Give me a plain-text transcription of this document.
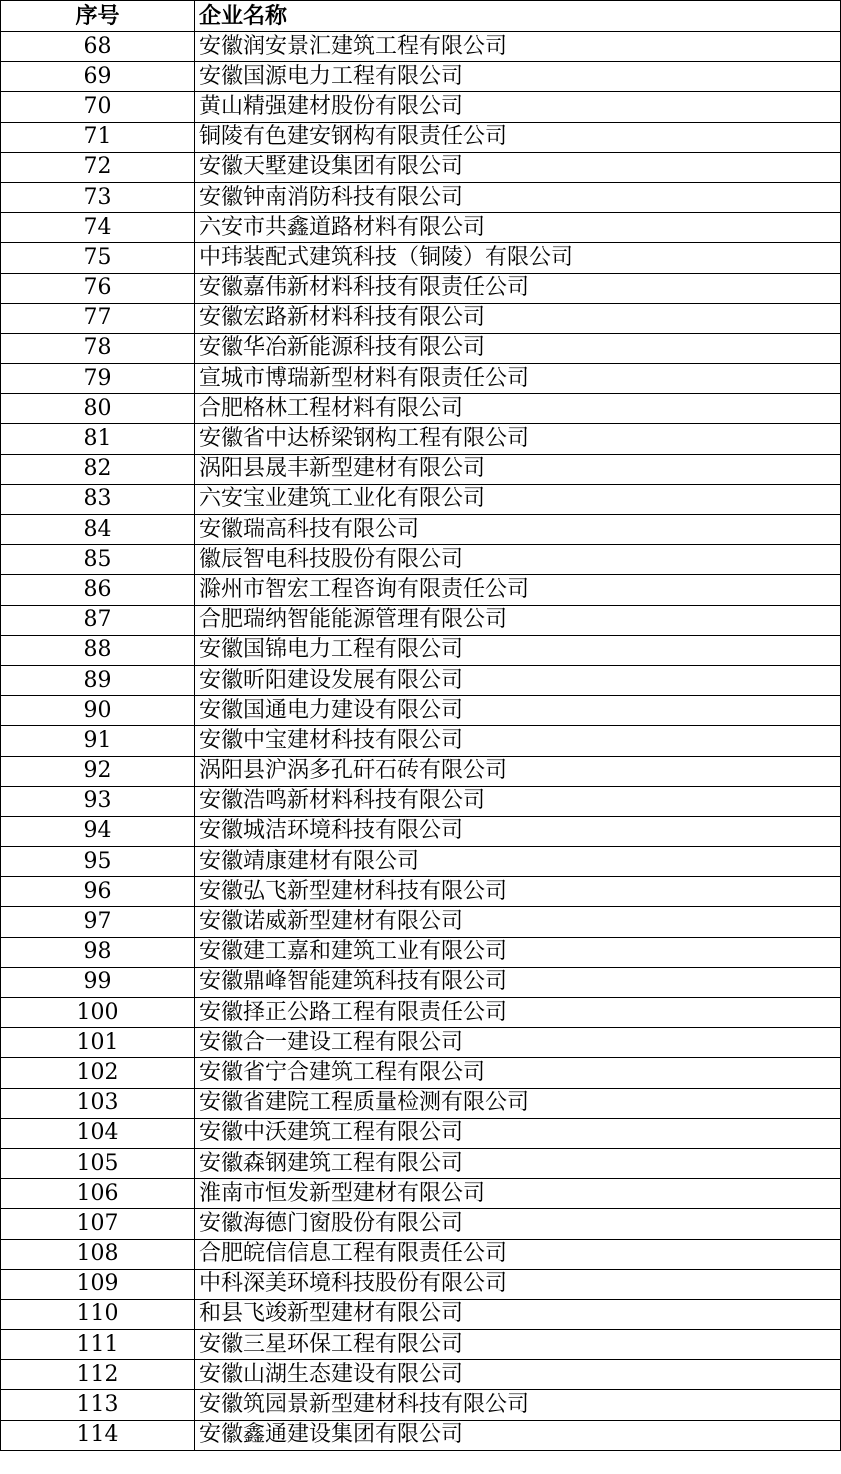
序号	企业名称
68	安徽润安景汇建筑工程有限公司
69	安徽国源电力工程有限公司
70	黄山精强建材股份有限公司
71	铜陵有色建安钢构有限责任公司
72	安徽天墅建设集团有限公司
73	安徽钟南消防科技有限公司
74	六安市共鑫道路材料有限公司
75	中玮装配式建筑科技（铜陵）有限公司
76	安徽嘉伟新材料科技有限责任公司
77	安徽宏路新材料科技有限公司
78	安徽华冶新能源科技有限公司
79	宣城市博瑞新型材料有限责任公司
80	合肥格林工程材料有限公司
81	安徽省中达桥梁钢构工程有限公司
82	涡阳县晟丰新型建材有限公司
83	六安宝业建筑工业化有限公司
84	安徽瑞高科技有限公司
85	徽辰智电科技股份有限公司
86	滁州市智宏工程咨询有限责任公司
87	合肥瑞纳智能能源管理有限公司
88	安徽国锦电力工程有限公司
89	安徽昕阳建设发展有限公司
90	安徽国通电力建设有限公司
91	安徽中宝建材科技有限公司
92	涡阳县沪涡多孔矸石砖有限公司
93	安徽浩鸣新材料科技有限公司
94	安徽城洁环境科技有限公司
95	安徽靖康建材有限公司
96	安徽弘飞新型建材科技有限公司
97	安徽诺威新型建材有限公司
98	安徽建工嘉和建筑工业有限公司
99	安徽鼎峰智能建筑科技有限公司
100	安徽择正公路工程有限责任公司
101	安徽合一建设工程有限公司
102	安徽省宁合建筑工程有限公司
103	安徽省建院工程质量检测有限公司
104	安徽中沃建筑工程有限公司
105	安徽森钢建筑工程有限公司
106	淮南市恒发新型建材有限公司
107	安徽海德门窗股份有限公司
108	合肥皖信信息工程有限责任公司
109	中科深美环境科技股份有限公司
110	和县飞竣新型建材有限公司
111	安徽三星环保工程有限公司
112	安徽山湖生态建设有限公司
113	安徽筑园景新型建材科技有限公司
114	安徽鑫通建设集团有限公司
